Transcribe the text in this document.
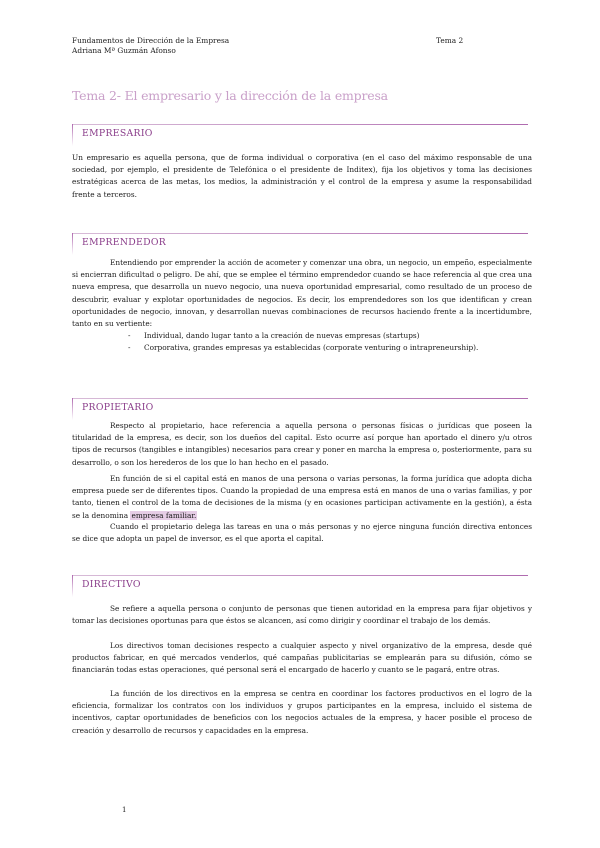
Fundamentos de Dirección de la Empresa
Adriana Mª Guzmán Afonso
Tema 2
Tema 2- El empresario y la dirección de la empresa
EMPRESARIO

Un empresario es aquella persona, que de forma individual o corporativa (en el caso del máximo responsable de una sociedad, por ejemplo, el presidente de Telefónica o el presidente de Inditex), fija los objetivos y toma las decisiones estratégicas acerca de las metas, los medios, la administración y el control de la empresa y asume la responsabilidad frente a terceros.

EMPRENDEDOR

Entendiendo por emprender la acción de acometer y comenzar una obra, un negocio, un empeño, especialmente si encierran dificultad o peligro. De ahí, que se emplee el término emprendedor cuando se hace referencia al que crea una nueva empresa, que desarrolla un nuevo negocio, una nueva oportunidad empresarial, como resultado de un proceso de descubrir, evaluar y explotar oportunidades de negocios. Es decir, los emprendedores son los que identifican y crean oportunidades de negocio, innovan, y desarrollan nuevas combinaciones de recursos haciendo frente a la incertidumbre, tanto en su vertiente:

- Individual, dando lugar tanto a la creación de nuevas empresas (startups)
- Corporativa, grandes empresas ya establecidas (corporate venturing o intrapreneurship).
PROPIETARIO

Respecto al propietario, hace referencia a aquella persona o personas físicas o jurídicas que poseen la titularidad de la empresa, es decir, son los dueños del capital. Esto ocurre así porque han aportado el dinero y/u otros tipos de recursos (tangibles e intangibles) necesarios para crear y poner en marcha la empresa o, posteriormente, para su desarrollo, o son los herederos de los que lo han hecho en el pasado.

En función de si el capital está en manos de una persona o varias personas, la forma jurídica que adopta dicha empresa puede ser de diferentes tipos. Cuando la propiedad de una empresa está en manos de una o varias familias, y por tanto, tienen el control de la toma de decisiones de la misma (y en ocasiones participan activamente en la gestión), a ésta se la denomina empresa familiar.

Cuando el propietario delega las tareas en una o más personas y no ejerce ninguna función directiva entonces se dice que adopta un papel de inversor, es el que aporta el capital.

DIRECTIVO

Se refiere a aquella persona o conjunto de personas que tienen autoridad en la empresa para fijar objetivos y tomar las decisiones oportunas para que éstos se alcancen, así como dirigir y coordinar el trabajo de los demás.

Los directivos toman decisiones respecto a cualquier aspecto y nivel organizativo de la empresa, desde qué productos fabricar, en qué mercados venderlos, qué campañas publicitarias se emplearán para su difusión, cómo se financiarán todas estas operaciones, qué personal será el encargado de hacerlo y cuanto se le pagará, entre otras.

La función de los directivos en la empresa se centra en coordinar los factores productivos en el logro de la eficiencia, formalizar los contratos con los individuos y grupos participantes en la empresa, incluido el sistema de incentivos, captar oportunidades de beneficios con los negocios actuales de la empresa, y hacer posible el proceso de creación y desarrollo de recursos y capacidades en la empresa.

1
